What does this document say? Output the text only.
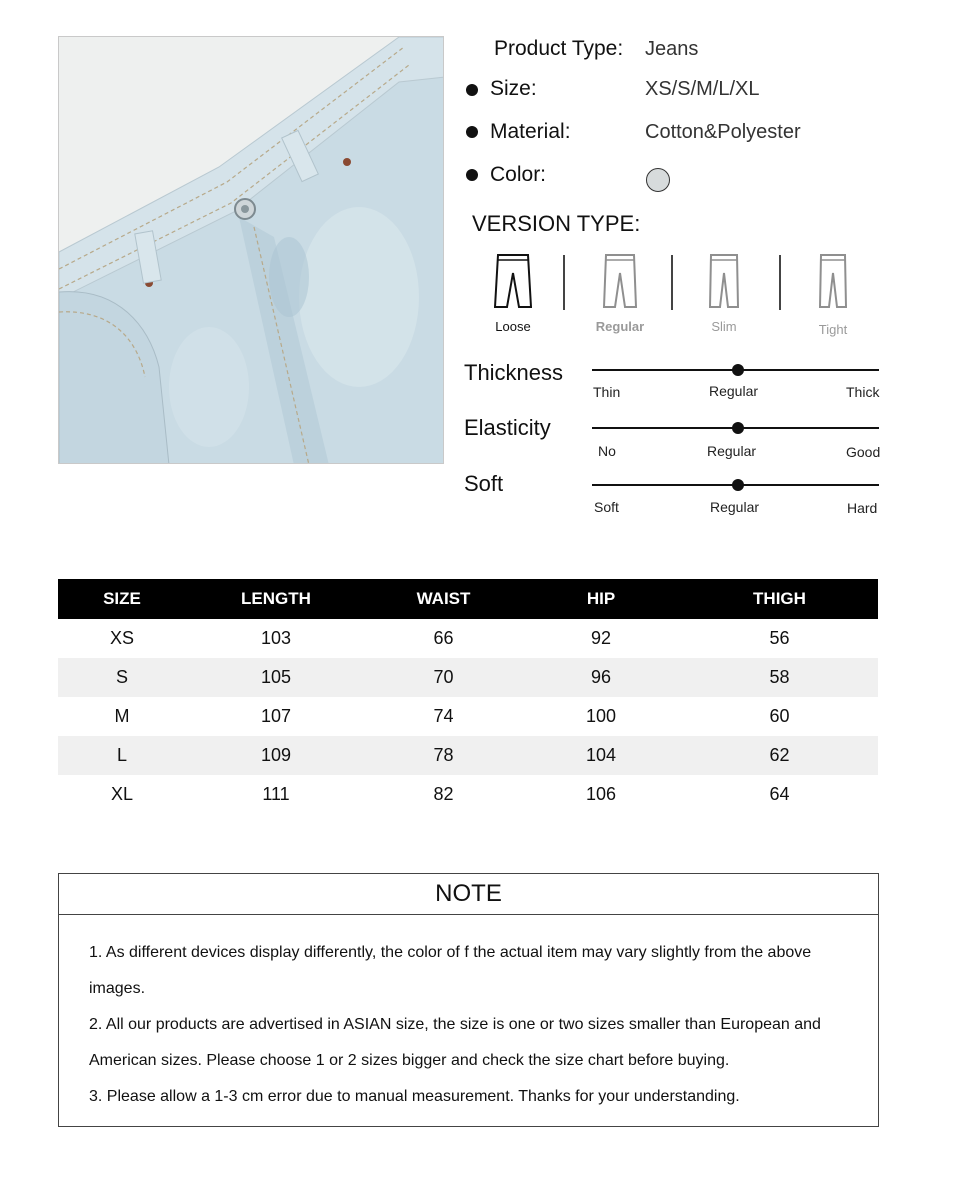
Product Type: Jeans
Size:	XS/S/M/L/XL
Material:	Cotton&Polyester
Color:
VERSION TYPE:
Loose	Regular	Slim	Tight
Thickness
Thin	Regular	Thick
Elasticity
No	Regular	Good
Soft
Soft	Regular	Hard
SIZE	LENGTH	WAIST	HIP	THIGH
XS	103	66	92	56
S	105	70	96	58
M	107	74	100	60
L	109	78	104	62
XL	111	82	106	64
NOTE

1. As different devices display differently, the color of f the actual item may vary slightly from the above

images.

2. All our products are advertised in ASIAN size, the size is one or two sizes smaller than European and

American sizes. Please choose 1 or 2 sizes bigger and check the size chart before buying.

3. Please allow a 1-3 cm error due to manual measurement. Thanks for your understanding.
